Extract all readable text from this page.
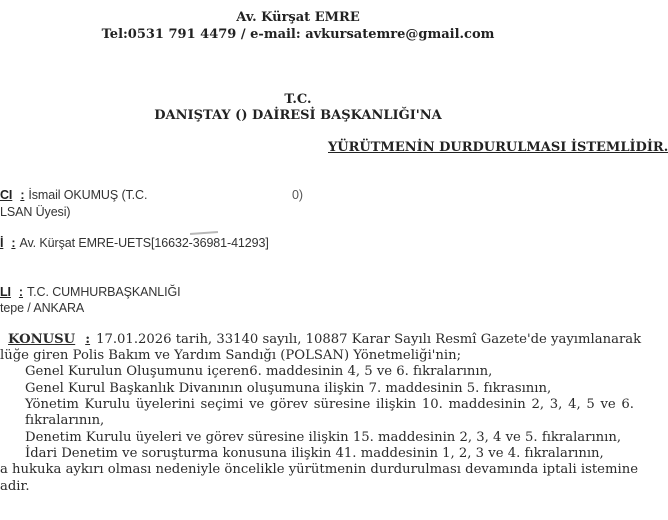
Av. Kürşat EMRE
Tel:0531 791 4479 / e-mail: avkursatemre@gmail.com
T.C.
DANIŞTAY () DAİRESİ BAŞKANLIĞI'NA
YÜRÜTMENİN DURDURULMASI İSTEMLİDİR.
CI : İsmail OKUMUŞ (T.C.	0)
LSAN Üyesi)
İ : Av. Kürşat EMRE-UETS[16632-36981-41293]
LI : T.C. CUMHURBAŞKANLIĞI
tepe / ANKARA
KONUSU : 17.01.2026 tarih, 33140 sayılı, 10887 Karar Sayılı Resmî Gazete'de yayımlanarak
lüğe giren Polis Bakım ve Yardım Sandığı (POLSAN) Yönetmeliği'nin;
Genel Kurulun Oluşumunu içeren6. maddesinin 4, 5 ve 6. fıkralarının,
Genel Kurul Başkanlık Divanının oluşumuna ilişkin 7. maddesinin 5. fıkrasının,
Yönetim Kurulu üyelerini seçimi ve görev süresine ilişkin 10. maddesinin 2, 3, 4, 5 ve 6.
fıkralarının,
Denetim Kurulu üyeleri ve görev süresine ilişkin 15. maddesinin 2, 3, 4 ve 5. fıkralarının,
İdari Denetim ve soruşturma konusuna ilişkin 41. maddesinin 1, 2, 3 ve 4. fıkralarının,
a hukuka aykırı olması nedeniyle öncelikle yürütmenin durdurulması devamında iptali istemine
adir.
